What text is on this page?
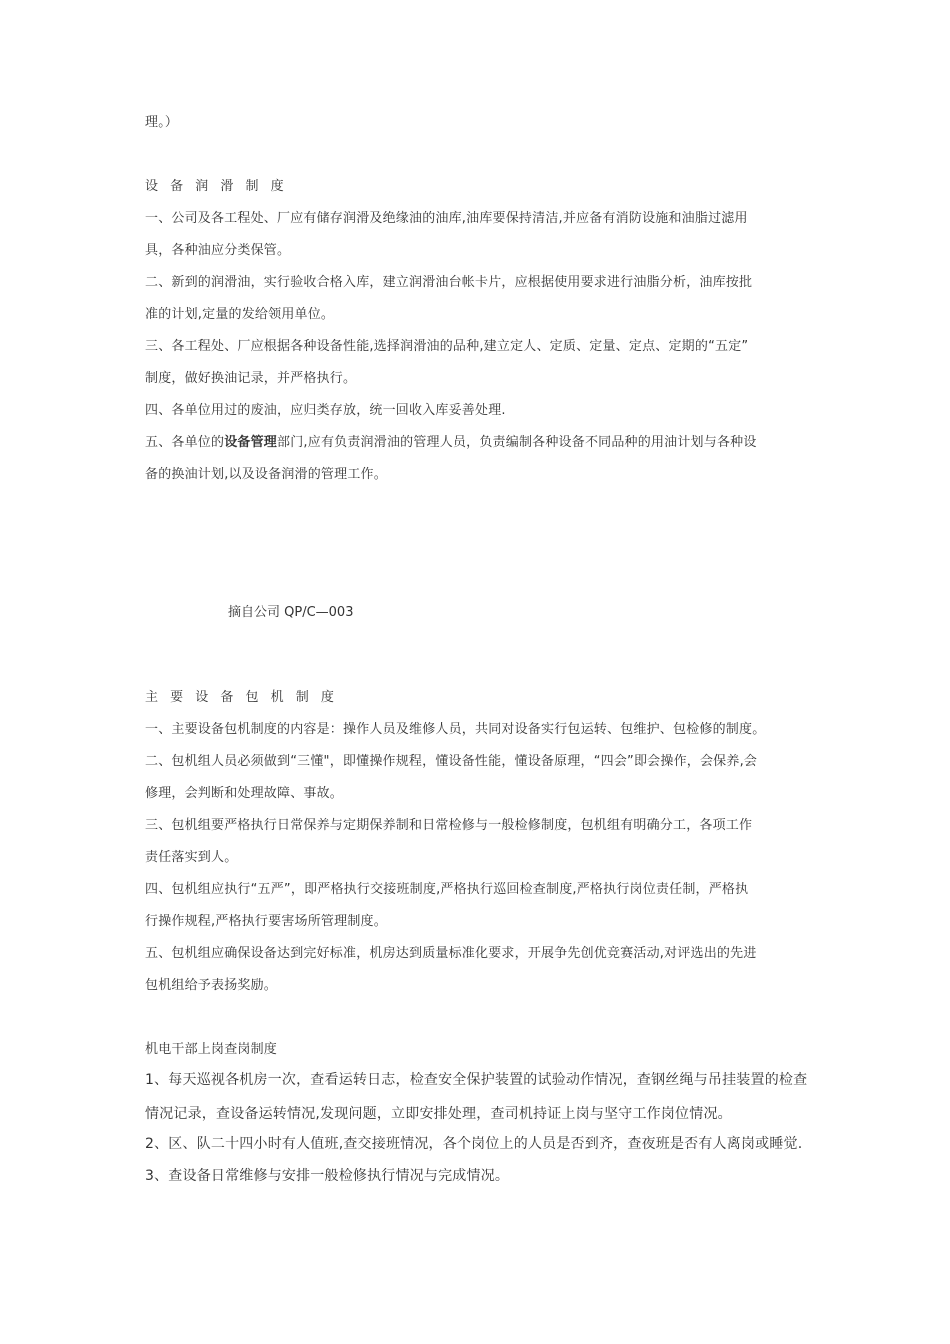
理。）

设 备 润 滑 制 度

一、公司及各工程处、厂应有储存润滑及绝缘油的油库,油库要保持清洁,并应备有消防设施和油脂过滤用

具，各种油应分类保管。

二、新到的润滑油，实行验收合格入库，建立润滑油台帐卡片，应根据使用要求进行油脂分析，油库按批

准的计划,定量的发给领用单位。

三、各工程处、厂应根据各种设备性能,选择润滑油的品种,建立定人、定质、定量、定点、定期的“五定”

制度，做好换油记录，并严格执行。

四、各单位用过的废油，应归类存放，统一回收入库妥善处理.

五、各单位的设备管理部门,应有负责润滑油的管理人员，负责编制各种设备不同品种的用油计划与各种设

备的换油计划,以及设备润滑的管理工作。

摘自公司 QP/C—003

主 要 设 备 包 机 制 度

一、主要设备包机制度的内容是：操作人员及维修人员，共同对设备实行包运转、包维护、包检修的制度。

二、包机组人员必须做到“三懂"，即懂操作规程，懂设备性能，懂设备原理，“四会”即会操作，会保养,会

修理，会判断和处理故障、事故。

三、包机组要严格执行日常保养与定期保养制和日常检修与一般检修制度，包机组有明确分工，各项工作

责任落实到人。

四、包机组应执行“五严”，即严格执行交接班制度,严格执行巡回检查制度,严格执行岗位责任制，严格执

行操作规程,严格执行要害场所管理制度。

五、包机组应确保设备达到完好标准，机房达到质量标准化要求，开展争先创优竞赛活动,对评选出的先进

包机组给予表扬奖励。

机电干部上岗查岗制度

1、每天巡视各机房一次，查看运转日志，检查安全保护装置的试验动作情况，查钢丝绳与吊挂装置的检查

情况记录，查设备运转情况,发现问题，立即安排处理，查司机持证上岗与坚守工作岗位情况。

2、区、队二十四小时有人值班,查交接班情况，各个岗位上的人员是否到齐，查夜班是否有人离岗或睡觉.

3、查设备日常维修与安排一般检修执行情况与完成情况。
